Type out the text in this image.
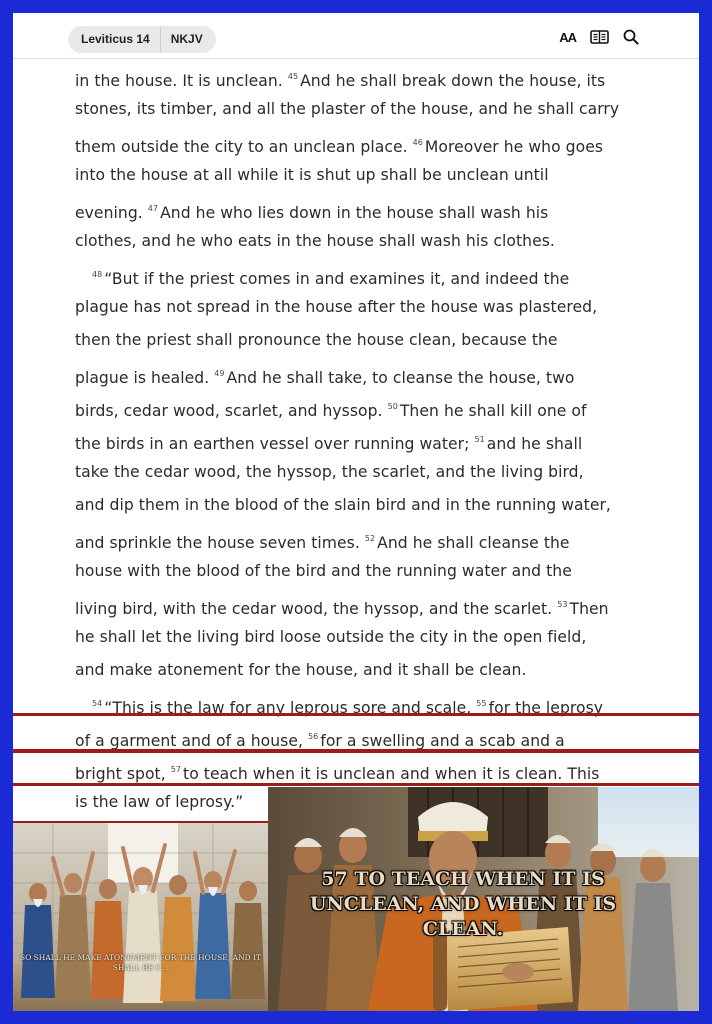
Leviticus 14	NKJV	AA
in the house. It is unclean. $^{45}$ And he shall break down the house, its
stones, its timber, and all the plaster of the house, and he shall carry
them outside the city to an unclean place. $^{46}$ Moreover he who goes
into the house at all while it is shut up shall be unclean until
evening. $^{47}$ And he who lies down in the house shall wash his
clothes, and he who eats in the house shall wash his clothes.
$^{48}$ “But if the priest comes in and examines it, and indeed the
plague has not spread in the house after the house was plastered,
then the priest shall pronounce the house clean, because the
plague is healed. $^{49}$ And he shall take, to cleanse the house, two
birds, cedar wood, scarlet, and hyssop. $^{50}$ Then he shall kill one of
the birds in an earthen vessel over running water; $^{51}$ and he shall
take the cedar wood, the hyssop, the scarlet, and the living bird,
and dip them in the blood of the slain bird and in the running water,
and sprinkle the house seven times. $^{52}$ And he shall cleanse the
house with the blood of the bird and the running water and the
living bird, with the cedar wood, the hyssop, and the scarlet. $^{53}$ Then
he shall let the living bird loose outside the city in the open field,
and make atonement for the house, and it shall be clean.
$^{54}$ “This is the law for any leprous sore and scale, $^{55}$ for the leprosy
of a garment and of a house, $^{56}$ for a swelling and a scab and a
bright spot, $^{57}$ to teach when it is unclean and when it is clean. This
is the law of leprosy.”
SO SHALL HE MAKE ATONEMENT FOR THE HOUSE; AND IT SHALL BE C...
57 TO TEACH WHEN IT IS UNCLEAN, AND WHEN IT IS CLEAN.
